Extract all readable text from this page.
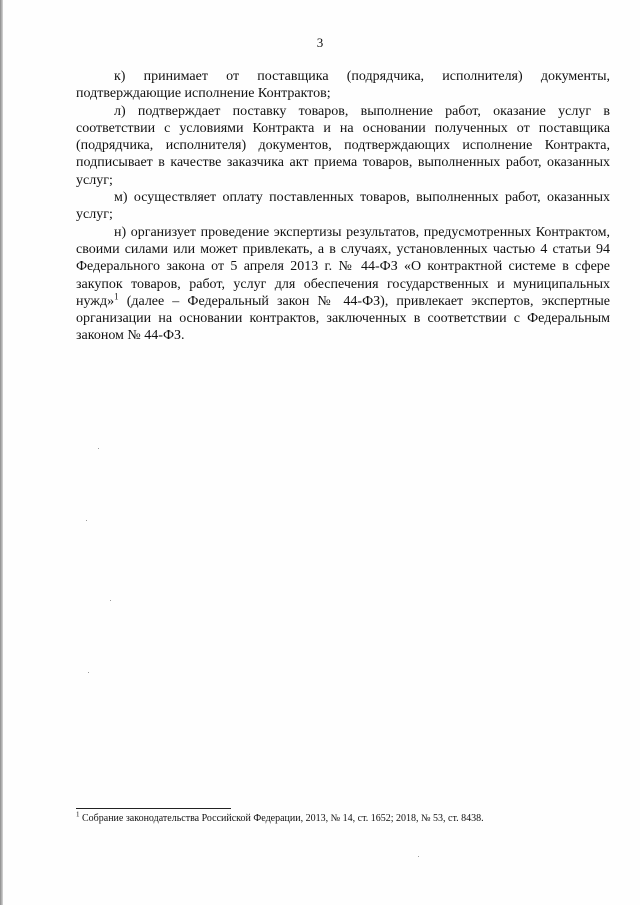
3

к) принимает от поставщика (подрядчика, исполнителя) документы, подтверждающие исполнение Контрактов;

л) подтверждает поставку товаров, выполнение работ, оказание услуг в соответствии с условиями Контракта и на основании полученных от поставщика (подрядчика, исполнителя) документов, подтверждающих исполнение Контракта, подписывает в качестве заказчика акт приема товаров, выполненных работ, оказанных услуг;

м) осуществляет оплату поставленных товаров, выполненных работ, оказанных услуг;

н) организует проведение экспертизы результатов, предусмотренных Контрактом, своими силами или может привлекать, а в случаях, установленных частью 4 статьи 94 Федерального закона от 5 апреля 2013 г. № 44-ФЗ «О контрактной системе в сфере закупок товаров, работ, услуг для обеспечения государственных и муниципальных нужд»$^1$ (далее – Федеральный закон № 44-ФЗ), привлекает экспертов, экспертные организации на основании контрактов, заключенных в соответствии с Федеральным законом № 44-ФЗ.

$^1$ Собрание законодательства Российской Федерации, 2013, № 14, ст. 1652; 2018, № 53, ст. 8438.
